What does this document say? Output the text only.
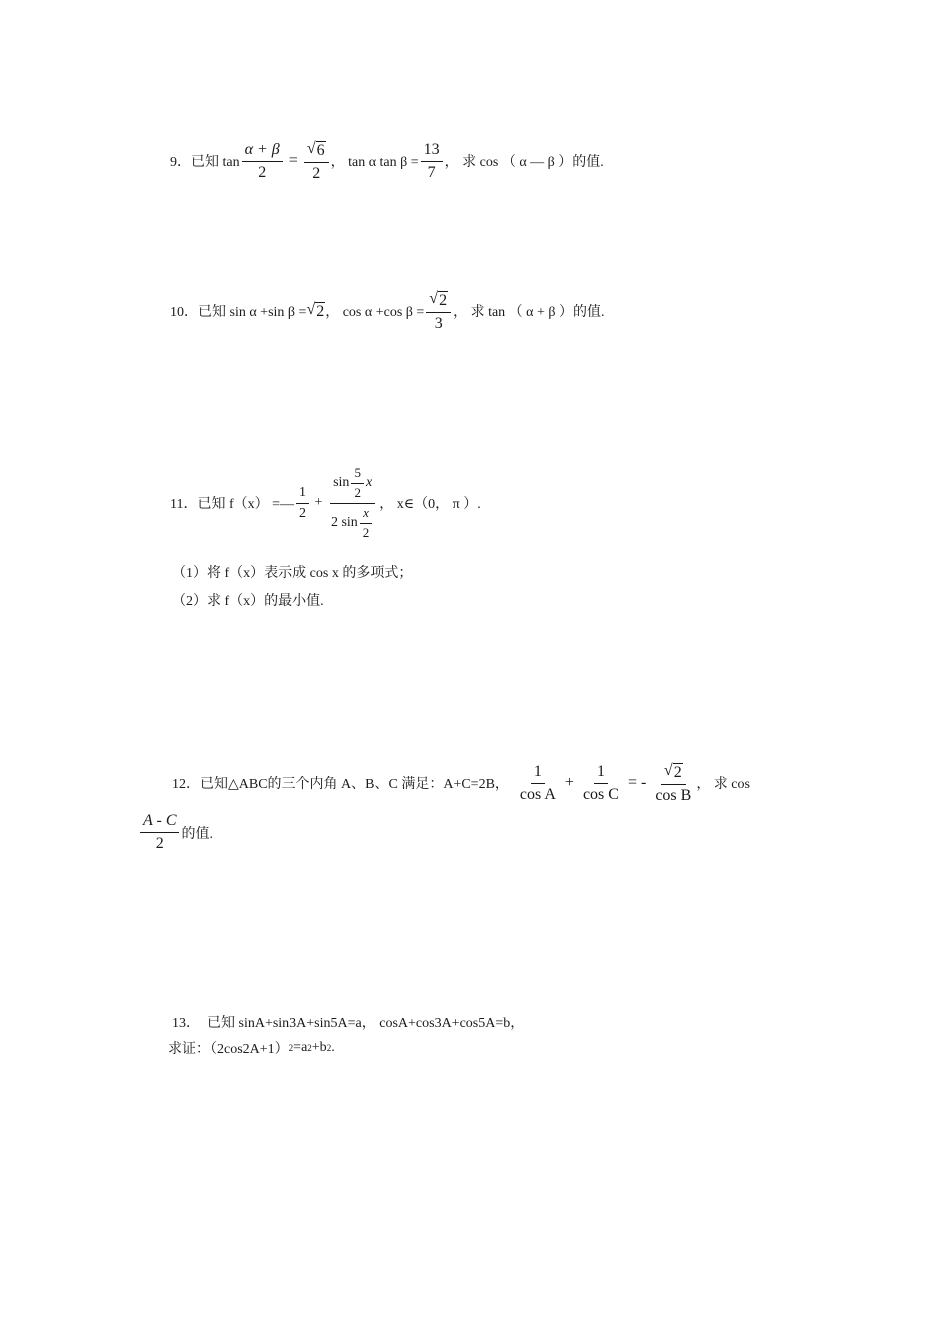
9．已知 $\tan \frac{\alpha + \beta}{2} = \frac{√ 6}{2}$ ， tan α $\tan \beta = \frac{13}{7}$ ， 求 cos （ α — β ）的值.
10．已知 sin α +sin β = √ 2 ， cos α +cos $\beta = \frac{√ 2}{3}$ ， 求 tan （ α + β ）的值.
11．已知 f（x） =— $\frac{1}{2} + \frac{\sin \frac{5}{2} x}{2 \sin \frac{x}{2}}$ ， x∈（0， π ）.
（1）将 f（x）表示成 cos x 的多项式；
（2）求 f（x）的最小值.
12．已知△ABC的三个内角 A、B、C 满足：A+C=2B， $\frac{1}{\text{cos A}} + \frac{1}{\text{cos C}}$ = - $\frac{√ 2}{\text{cos B}}$ ， 求 cos
$\frac{A - C}{2}$ 的值.
13．  已知 sinA+sin3A+sin5A=a， cosA+cos3A+cos5A=b，
求证：（2cos2A+1） 2 =a 2 +b 2 .
